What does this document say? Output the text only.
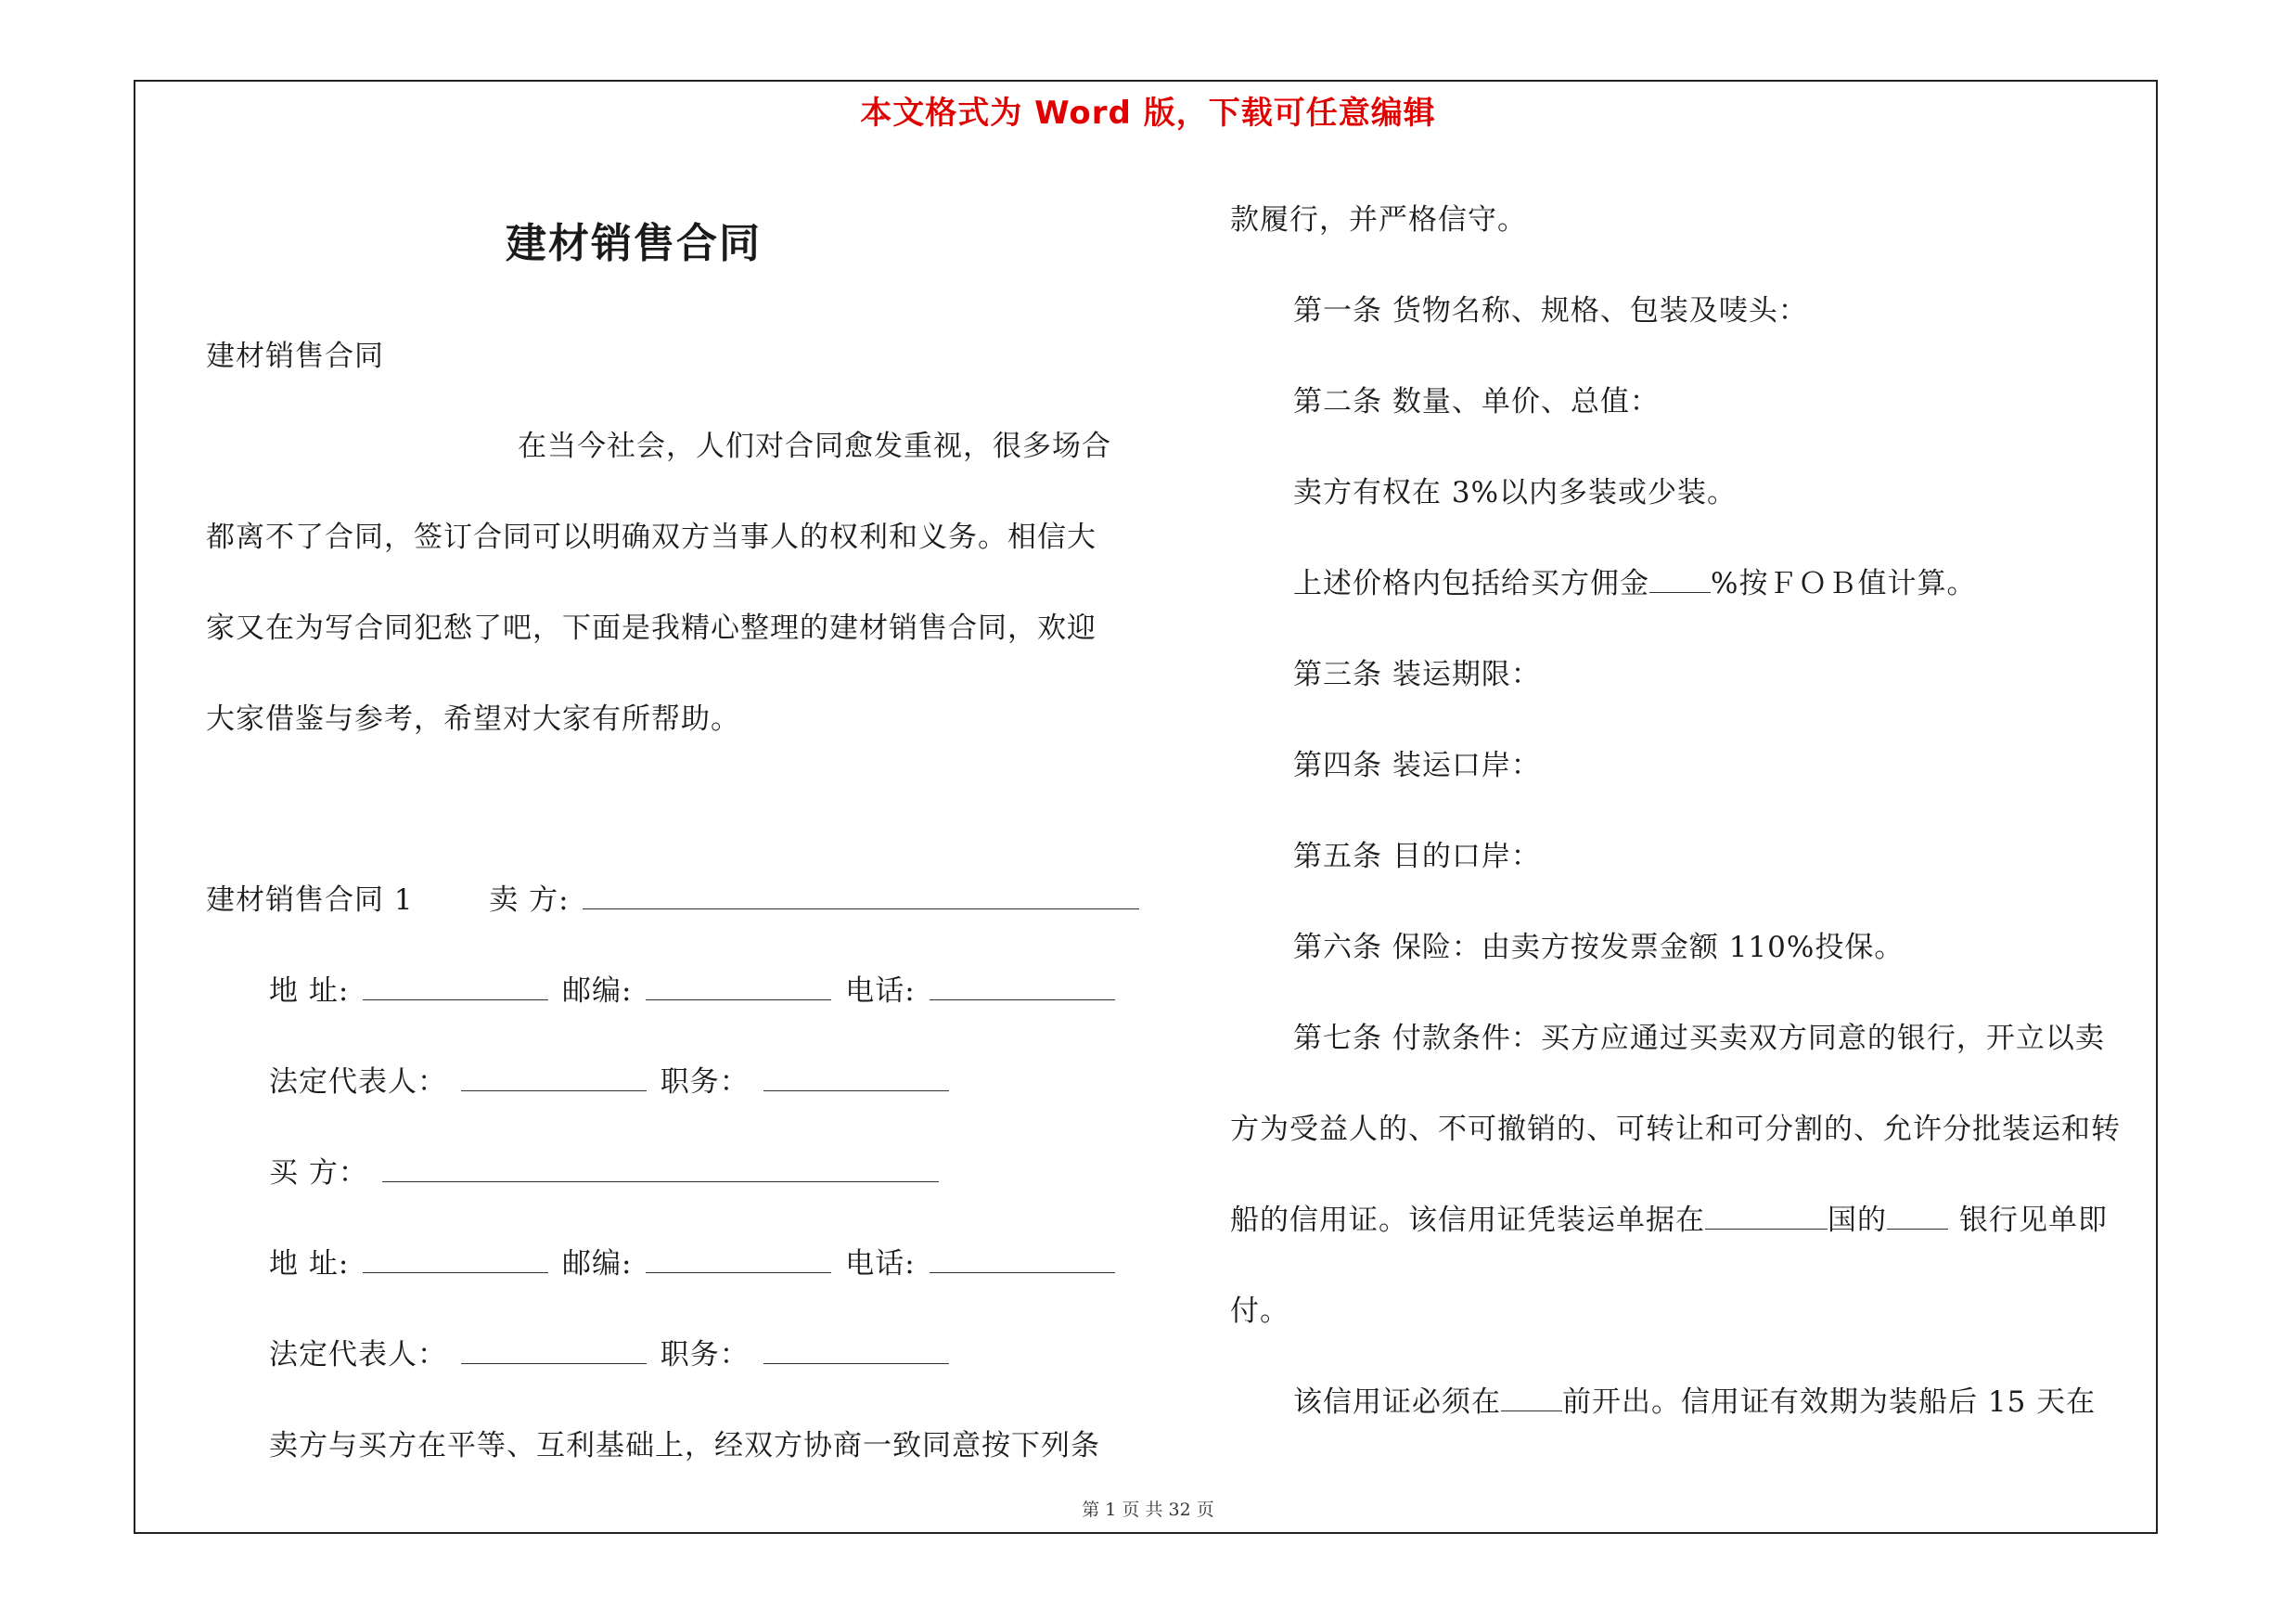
本文格式为 Word 版，下载可任意编辑
建材销售合同
建材销售合同
在当今社会，人们对合同愈发重视，很多场合
都离不了合同，签订合同可以明确双方当事人的权利和义务。相信大
家又在为写合同犯愁了吧，下面是我精心整理的建材销售合同，欢迎
大家借鉴与参考，希望对大家有所帮助。
建材销售合同 1	卖 方:
地 址:	邮编:	电话:
法定代表人：	职务：
买 方：
地 址:	邮编:	电话:
法定代表人：	职务：
卖方与买方在平等、互利基础上，经双方协商一致同意按下列条
款履行，并严格信守。
第一条 货物名称、规格、包装及唛头：
第二条 数量、单价、总值：
卖方有权在 3%以内多装或少装。
上述价格内包括给买方佣金 %按ＦＯＢ值计算。
第三条 装运期限：
第四条 装运口岸：
第五条 目的口岸：
第六条 保险：由卖方按发票金额 110%投保。
第七条 付款条件：买方应通过买卖双方同意的银行，开立以卖
方为受益人的、不可撤销的、可转让和可分割的、允许分批装运和转
船的信用证。该信用证凭装运单据在	国的	银行见单即
付。
该信用证必须在 前开出。信用证有效期为装船后 15 天在
第 1 页 共 32 页
